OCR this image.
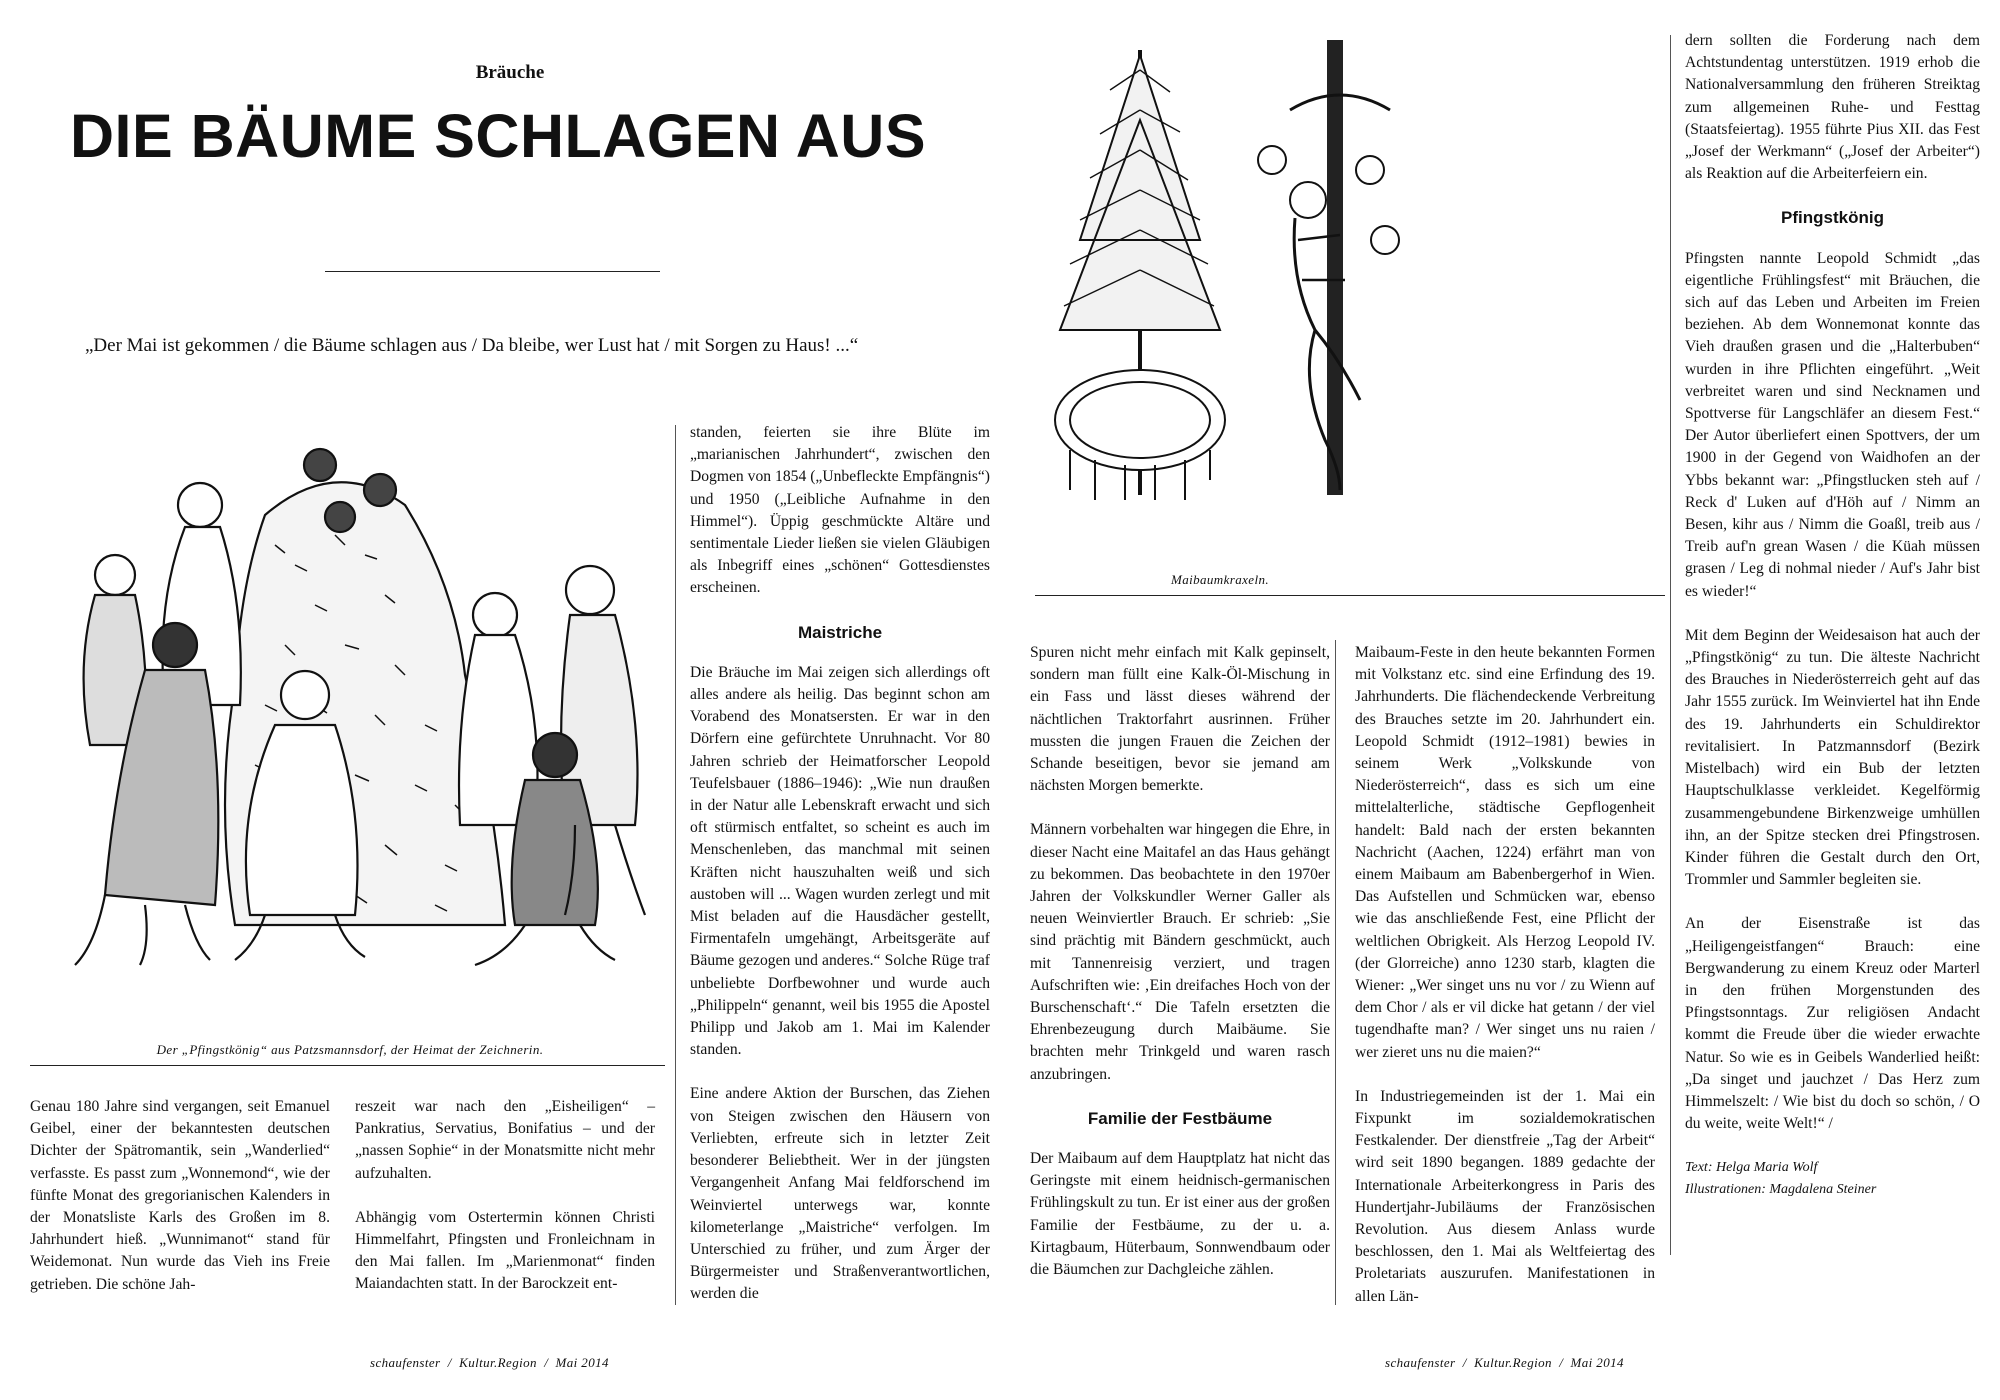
Bräuche
DIE BÄUME SCHLAGEN AUS
„Der Mai ist gekommen / die Bäume schlagen aus / Da bleibe, wer Lust hat / mit Sorgen zu Haus! ...“
Der „Pfingstkönig“ aus Patzsmannsdorf, der Heimat der Zeichnerin.
Maibaumkraxeln.

Genau 180 Jahre sind vergangen, seit Emanuel Geibel, einer der bekanntesten deutschen Dichter der Spätromantik, sein „Wanderlied“ verfasste. Es passt zum „Wonnemond“, wie der fünfte Monat des gregorianischen Kalenders in der Monatsliste Karls des Großen im 8. Jahrhundert hieß. „Wunnimanot“ stand für Weidemonat. Nun wurde das Vieh ins Freie getrieben. Die schöne Jah-

reszeit war nach den „Eisheiligen“ – Pankratius, Servatius, Bonifatius – und der „nassen Sophie“ in der Monatsmitte nicht mehr aufzuhalten.

Abhängig vom Ostertermin können Christi Himmelfahrt, Pfingsten und Fronleichnam in den Mai fallen. Im „Marienmonat“ finden Maiandachten statt. In der Barockzeit ent-

standen, feierten sie ihre Blüte im „marianischen Jahrhundert“, zwischen den Dogmen von 1854 („Unbefleckte Empfängnis“) und 1950 („Leibliche Aufnahme in den Himmel“). Üppig geschmückte Altäre und sentimentale Lieder ließen sie vielen Gläubigen als Inbegriff eines „schönen“ Gottesdienstes erscheinen.

Maistriche

Die Bräuche im Mai zeigen sich allerdings oft alles andere als heilig. Das beginnt schon am Vorabend des Monatsersten. Er war in den Dörfern eine gefürchtete Unruhnacht. Vor 80 Jahren schrieb der Heimatforscher Leopold Teufelsbauer (1886–1946): „Wie nun draußen in der Natur alle Lebenskraft erwacht und sich oft stürmisch entfaltet, so scheint es auch im Menschenleben, das manchmal mit seinen Kräften nicht hauszuhalten weiß und sich austoben will ... Wagen wurden zerlegt und mit Mist beladen auf die Hausdächer gestellt, Firmentafeln umgehängt, Arbeitsgeräte auf Bäume gezogen und anderes.“ Solche Rüge traf unbeliebte Dorfbewohner und wurde auch „Philippeln“ genannt, weil bis 1955 die Apostel Philipp und Jakob am 1. Mai im Kalender standen.

Eine andere Aktion der Burschen, das Ziehen von Steigen zwischen den Häusern von Verliebten, erfreute sich in letzter Zeit besonderer Beliebtheit. Wer in der jüngsten Vergangenheit Anfang Mai feldforschend im Weinviertel unterwegs war, konnte kilometerlange „Maistriche“ verfolgen. Im Unterschied zu früher, und zum Ärger der Bürgermeister und Straßenverantwortlichen, werden die

Spuren nicht mehr einfach mit Kalk gepinselt, sondern man füllt eine Kalk-Öl-Mischung in ein Fass und lässt dieses während der nächtlichen Traktorfahrt ausrinnen. Früher mussten die jungen Frauen die Zeichen der Schande beseitigen, bevor sie jemand am nächsten Morgen bemerkte.

Männern vorbehalten war hingegen die Ehre, in dieser Nacht eine Maitafel an das Haus gehängt zu bekommen. Das beobachtete in den 1970er Jahren der Volkskundler Werner Galler als neuen Weinviertler Brauch. Er schrieb: „Sie sind prächtig mit Bändern geschmückt, auch mit Tannenreisig verziert, und tragen Aufschriften wie: ‚Ein dreifaches Hoch von der Burschenschaft‘.“ Die Tafeln ersetzten die Ehrenbezeugung durch Maibäume. Sie brachten mehr Trinkgeld und waren rasch anzubringen.

Familie der Festbäume

Der Maibaum auf dem Hauptplatz hat nicht das Geringste mit einem heidnisch-germanischen Frühlingskult zu tun. Er ist einer aus der großen Familie der Festbäume, zu der u. a. Kirtagbaum, Hüterbaum, Sonnwendbaum oder die Bäumchen zur Dachgleiche zählen.

Maibaum-Feste in den heute bekannten Formen mit Volkstanz etc. sind eine Erfindung des 19. Jahrhunderts. Die flächendeckende Verbreitung des Brauches setzte im 20. Jahrhundert ein. Leopold Schmidt (1912–1981) bewies in seinem Werk „Volkskunde von Niederösterreich“, dass es sich um eine mittelalterliche, städtische Gepflogenheit handelt: Bald nach der ersten bekannten Nachricht (Aachen, 1224) erfährt man von einem Maibaum am Babenbergerhof in Wien. Das Aufstellen und Schmücken war, ebenso wie das anschließende Fest, eine Pflicht der weltlichen Obrigkeit. Als Herzog Leopold IV. (der Glorreiche) anno 1230 starb, klagten die Wiener: „Wer singet uns nu vor / zu Wienn auf dem Chor / als er vil dicke hat getann / der viel tugendhafte man? / Wer singet uns nu raien / wer zieret uns nu die maien?“

In Industriegemeinden ist der 1. Mai ein Fixpunkt im sozialdemokratischen Festkalender. Der dienstfreie „Tag der Arbeit“ wird seit 1890 begangen. 1889 gedachte der Internationale Arbeiterkongress in Paris des Hundertjahr-Jubiläums der Französischen Revolution. Aus diesem Anlass wurde beschlossen, den 1. Mai als Weltfeiertag des Proletariats auszurufen. Manifestationen in allen Län-

dern sollten die Forderung nach dem Achtstundentag unterstützen. 1919 erhob die Nationalversammlung den früheren Streiktag zum allgemeinen Ruhe- und Festtag (Staatsfeiertag). 1955 führte Pius XII. das Fest „Josef der Werkmann“ („Josef der Arbeiter“) als Reaktion auf die Arbeiterfeiern ein.

Pfingstkönig

Pfingsten nannte Leopold Schmidt „das eigentliche Frühlingsfest“ mit Bräuchen, die sich auf das Leben und Arbeiten im Freien beziehen. Ab dem Wonnemonat konnte das Vieh draußen grasen und die „Halterbuben“ wurden in ihre Pflichten eingeführt. „Weit verbreitet waren und sind Necknamen und Spottverse für Langschläfer an diesem Fest.“ Der Autor überliefert einen Spottvers, der um 1900 in der Gegend von Waidhofen an der Ybbs bekannt war: „Pfingstlucken steh auf / Reck d' Luken auf d'Höh auf / Nimm an Besen, kihr aus / Nimm die Goaßl, treib aus / Treib auf'n grean Wasen / die Küah müssen grasen / Leg di nohmal nieder / Auf's Jahr bist es wieder!“

Mit dem Beginn der Weidesaison hat auch der „Pfingstkönig“ zu tun. Die älteste Nachricht des Brauches in Niederösterreich geht auf das Jahr 1555 zurück. Im Weinviertel hat ihn Ende des 19. Jahrhunderts ein Schuldirektor revitalisiert. In Patzmannsdorf (Bezirk Mistelbach) wird ein Bub der letzten Hauptschulklasse verkleidet. Kegelförmig zusammengebundene Birkenzweige umhüllen ihn, an der Spitze stecken drei Pfingstrosen. Kinder führen die Gestalt durch den Ort, Trommler und Sammler begleiten sie.

An der Eisenstraße ist das „Heiligengeistfangen“ Brauch: eine Bergwanderung zu einem Kreuz oder Marterl in den frühen Morgenstunden des Pfingstsonntags. Zur religiösen Andacht kommt die Freude über die wieder erwachte Natur. So wie es in Geibels Wanderlied heißt: „Da singet und jauchzet / Das Herz zum Himmelszelt: / Wie bist du doch so schön, / O du weite, weite Welt!“ /

Text: Helga Maria Wolf
Illustrationen: Magdalena Steiner
schaufenster  /  Kultur.Region  /  Mai 2014	schaufenster  /  Kultur.Region  /  Mai 2014
